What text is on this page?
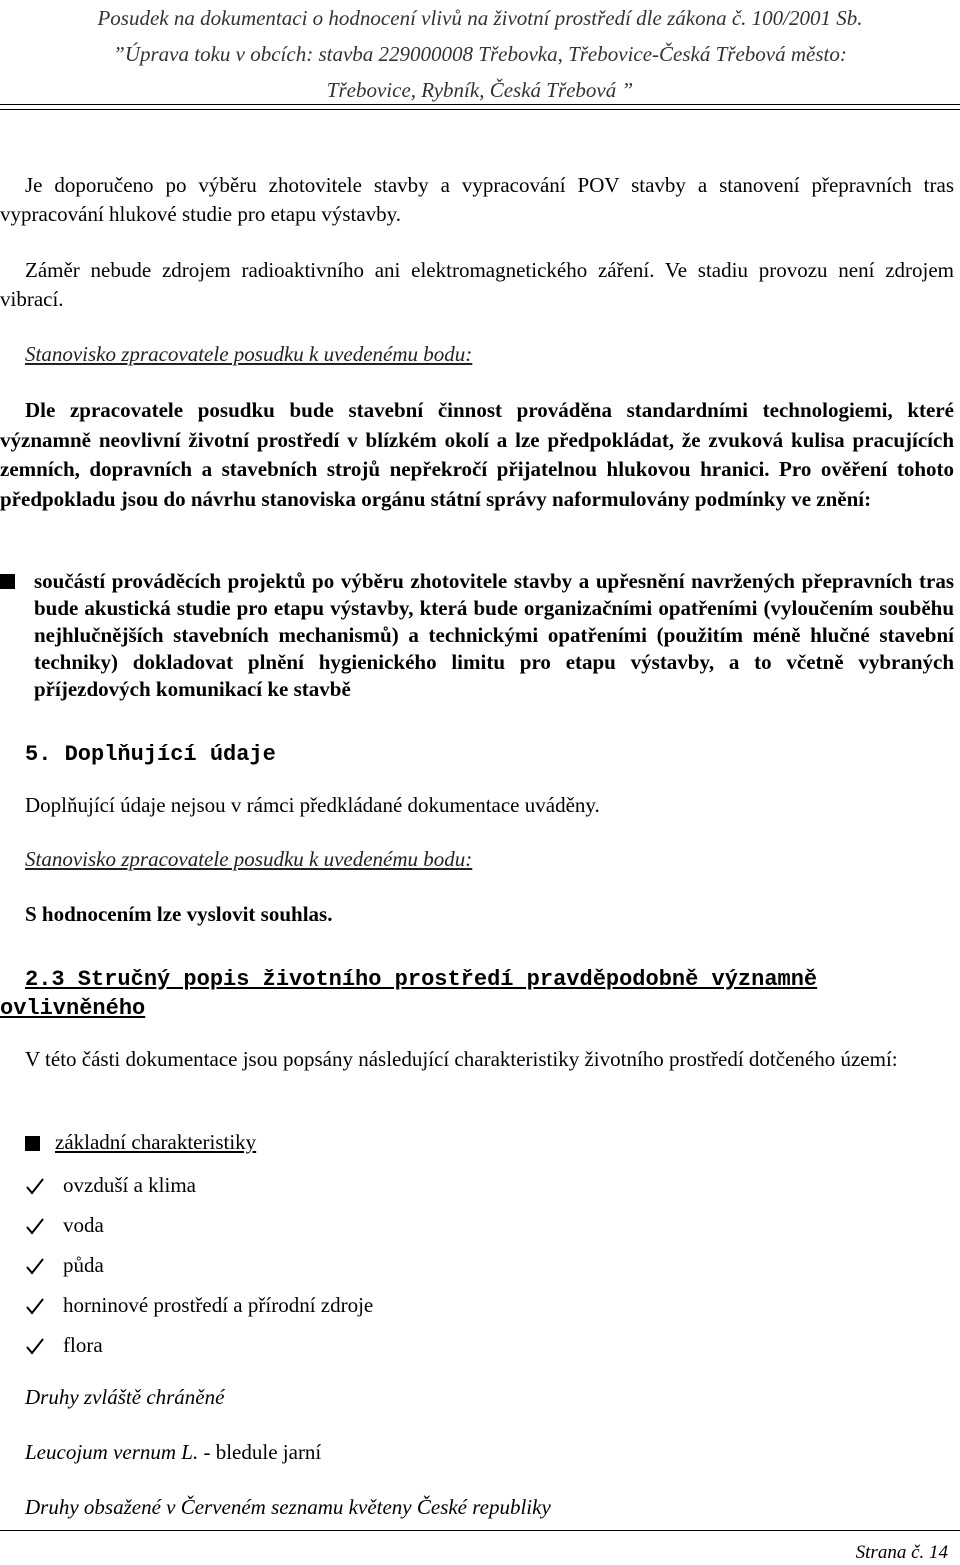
Posudek na dokumentaci o hodnocení vlivů na životní prostředí dle zákona č. 100/2001 Sb.
”Úprava toku v obcích: stavba 229000008 Třebovka, Třebovice-Česká Třebová město:
Třebovice, Rybník, Česká Třebová ”
Je doporučeno po výběru zhotovitele stavby a vypracování POV stavby a stanovení přepravních tras vypracování hlukové studie pro etapu výstavby.
Záměr nebude zdrojem radioaktivního ani elektromagnetického záření. Ve stadiu provozu není zdrojem vibrací.
Stanovisko zpracovatele posudku k uvedenému bodu:
Dle zpracovatele posudku bude stavební činnost prováděna standardními technologiemi, které významně neovlivní životní prostředí v blízkém okolí a lze předpokládat, že zvuková kulisa pracujících zemních, dopravních a stavebních strojů nepřekročí přijatelnou hlukovou hranici. Pro ověření tohoto předpokladu jsou do návrhu stanoviska orgánu státní správy naformulovány podmínky ve znění:
součástí prováděcích projektů po výběru zhotovitele stavby a upřesnění navržených přepravních tras bude akustická studie pro etapu výstavby, která bude organizačními opatřeními (vyloučením souběhu nejhlučnějších stavebních mechanismů) a technickými opatřeními (použitím méně hlučné stavební techniky) dokladovat plnění hygienického limitu pro etapu výstavby, a to včetně vybraných příjezdových komunikací ke stavbě
5. Doplňující údaje
Doplňující údaje nejsou v rámci předkládané dokumentace uváděny.
Stanovisko zpracovatele posudku k uvedenému bodu:
S hodnocením lze vyslovit souhlas.
2.3 Stručný popis životního prostředí pravděpodobně významně
ovlivněného
V této části dokumentace jsou popsány následující charakteristiky životního prostředí dotčeného území:
základní charakteristiky
ovzduší a klima
voda
půda
horninové prostředí a přírodní zdroje
flora
Druhy zvláště chráněné
Leucojum vernum L. - bledule jarní
Druhy obsažené v Červeném seznamu květeny České republiky
Strana č. 14
